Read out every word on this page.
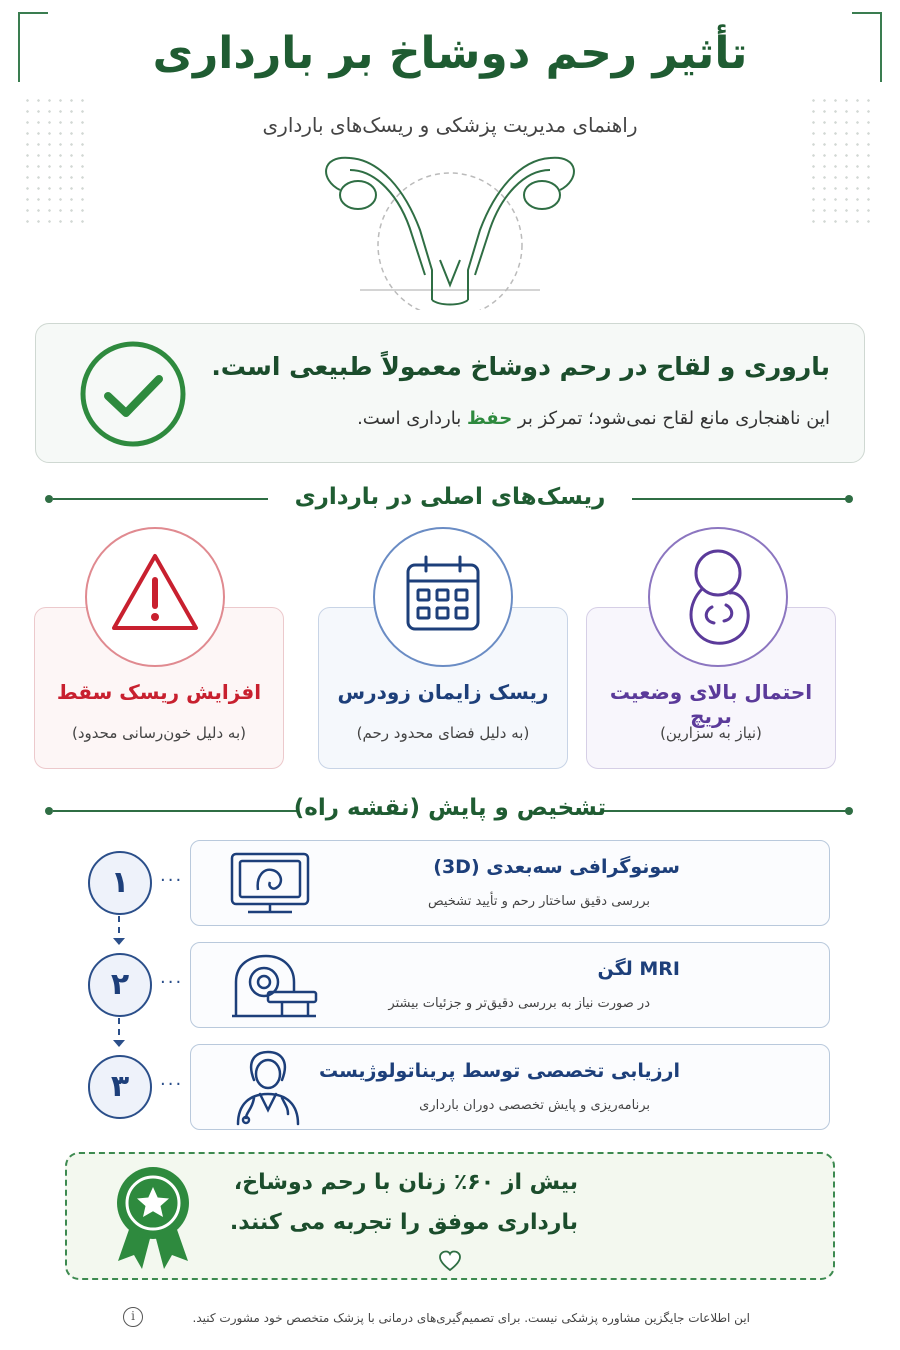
تأثیر رحم دوشاخ بر بارداری
راهنمای مدیریت پزشکی و ریسک‌های بارداری
باروری و لقاح در رحم دوشاخ معمولاً طبیعی است.
این ناهنجاری مانع لقاح نمی‌شود؛ تمرکز بر حفظ بارداری است.
ریسک‌های اصلی در بارداری
احتمال بالای وضعیت بریچ
(نیاز به سزارین)
ریسک زایمان زودرس
(به دلیل فضای محدود رحم)
افزایش ریسک سقط
(به دلیل خون‌رسانی محدود)
تشخیص و پایش (نقشه راه)
سونوگرافی سه‌بعدی (3D)
بررسی دقیق ساختار رحم و تأیید تشخیص
۱	···
MRI لگن
در صورت نیاز به بررسی دقیق‌تر و جزئیات بیشتر
۲	···
ارزیابی تخصصی توسط پریناتولوژیست
برنامه‌ریزی و پایش تخصصی دوران بارداری
۳	···
بیش از ۶۰٪ زنان با رحم دوشاخ،
بارداری موفق را تجربه می کنند.
این اطلاعات جایگزین مشاوره پزشکی نیست. برای تصمیم‌گیری‌های درمانی با پزشک متخصص خود مشورت کنید.
i
